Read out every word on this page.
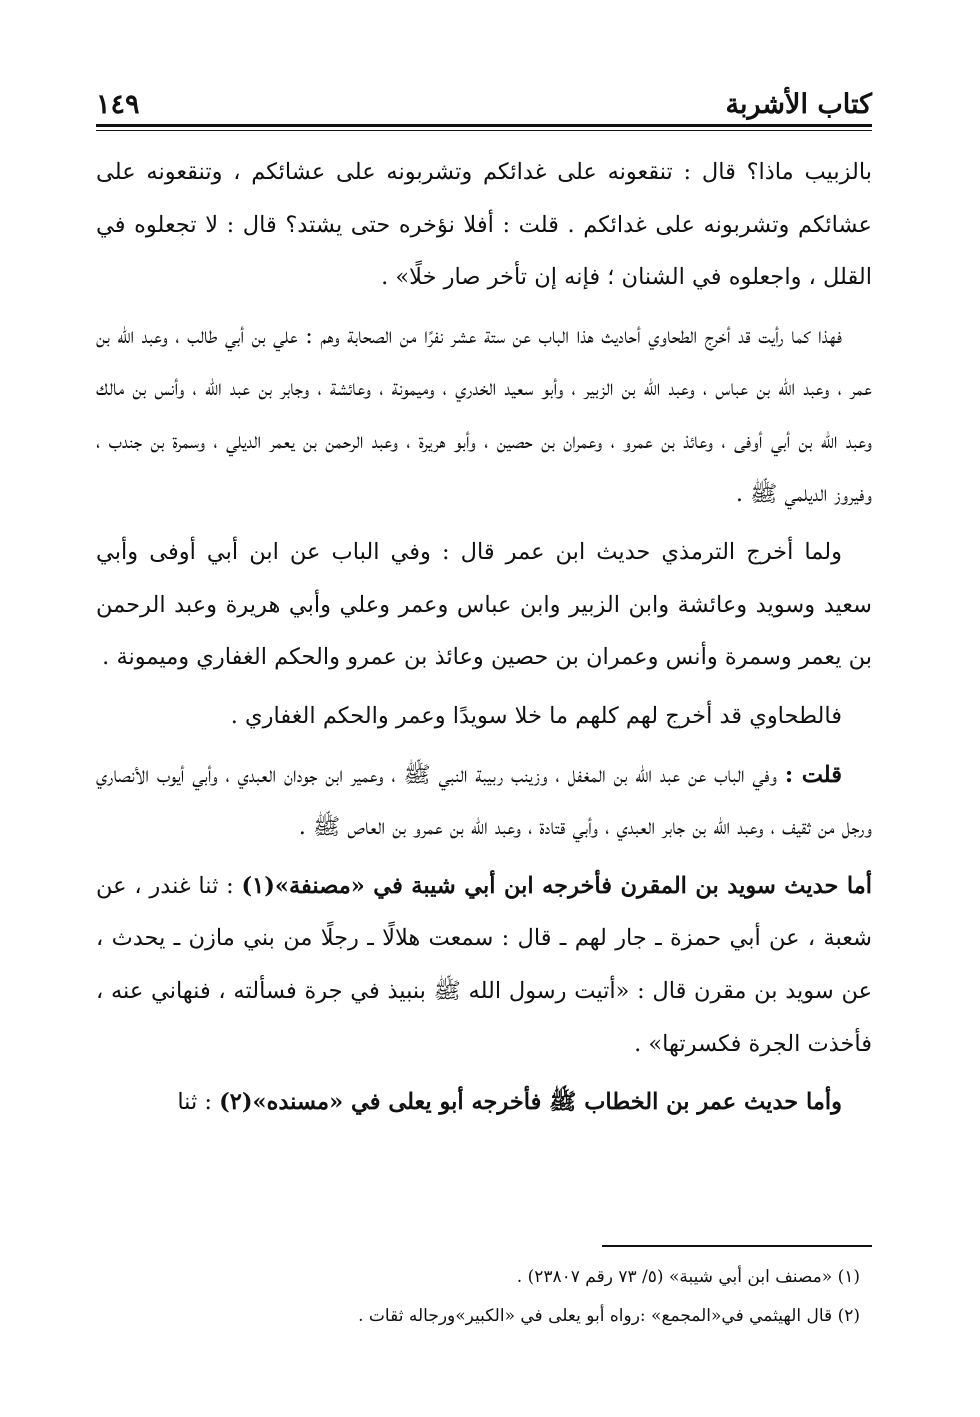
كتاب الأشربة
١٤٩

بالزبيب ماذا؟ قال : تنقعونه على غدائكم وتشربونه على عشائكم ، وتنقعونه على عشائكم وتشربونه على غدائكم . قلت : أفلا نؤخره حتى يشتد؟ قال : لا تجعلوه في القلل ، واجعلوه في الشنان ؛ فإنه إن تأخر صار خلًا» .

فهذا كما رأيت قد أخرج الطحاوي أحاديث هذا الباب عن ستة عشر نفرًا من الصحابة وهم : علي بن أبي طالب ، وعبد الله بن عمر ، وعبد الله بن عباس ، وعبد الله بن الزبير ، وأبو سعيد الخدري ، وميمونة ، وعائشة ، وجابر بن عبد الله ، وأنس بن مالك وعبد الله بن أبي أوفى ، وعائذ بن عمرو ، وعمران بن حصين ، وأبو هريرة ، وعبد الرحمن بن يعمر الديلي ، وسمرة بن جندب ، وفيروز الديلمي ﷺ .

ولما أخرج الترمذي حديث ابن عمر قال : وفي الباب عن ابن أبي أوفى وأبي سعيد وسويد وعائشة وابن الزبير وابن عباس وعمر وعلي وأبي هريرة وعبد الرحمن بن يعمر وسمرة وأنس وعمران بن حصين وعائذ بن عمرو والحكم الغفاري وميمونة .

فالطحاوي قد أخرج لهم كلهم ما خلا سويدًا وعمر والحكم الغفاري .

قلت : وفي الباب عن عبد الله بن المغفل ، وزينب ربيبة النبي ﷺ ، وعمير ابن جودان العبدي ، وأبي أيوب الأنصاري ورجل من ثقيف ، وعبد الله بن جابر العبدي ، وأبي قتادة ، وعبد الله بن عمرو بن العاص ﷺ .

أما حديث سويد بن المقرن فأخرجه ابن أبي شيبة في «مصنفة»(١) : ثنا غندر ، عن شعبة ، عن أبي حمزة ـ جار لهم ـ قال : سمعت هلالًا ـ رجلًا من بني مازن ـ يحدث ، عن سويد بن مقرن قال : «أتيت رسول الله ﷺ بنبيذ في جرة فسألته ، فنهاني عنه ، فأخذت الجرة فكسرتها» .

وأما حديث عمر بن الخطاب ﷺ فأخرجه أبو يعلى في «مسنده»(٢) : ثنا

(١) «مصنف ابن أبي شيبة» (٥/ ٧٣ رقم ٢٣٨٠٧) .

(٢) قال الهيثمي في«المجمع» :رواه أبو يعلى في «الكبير»ورجاله ثقات .
